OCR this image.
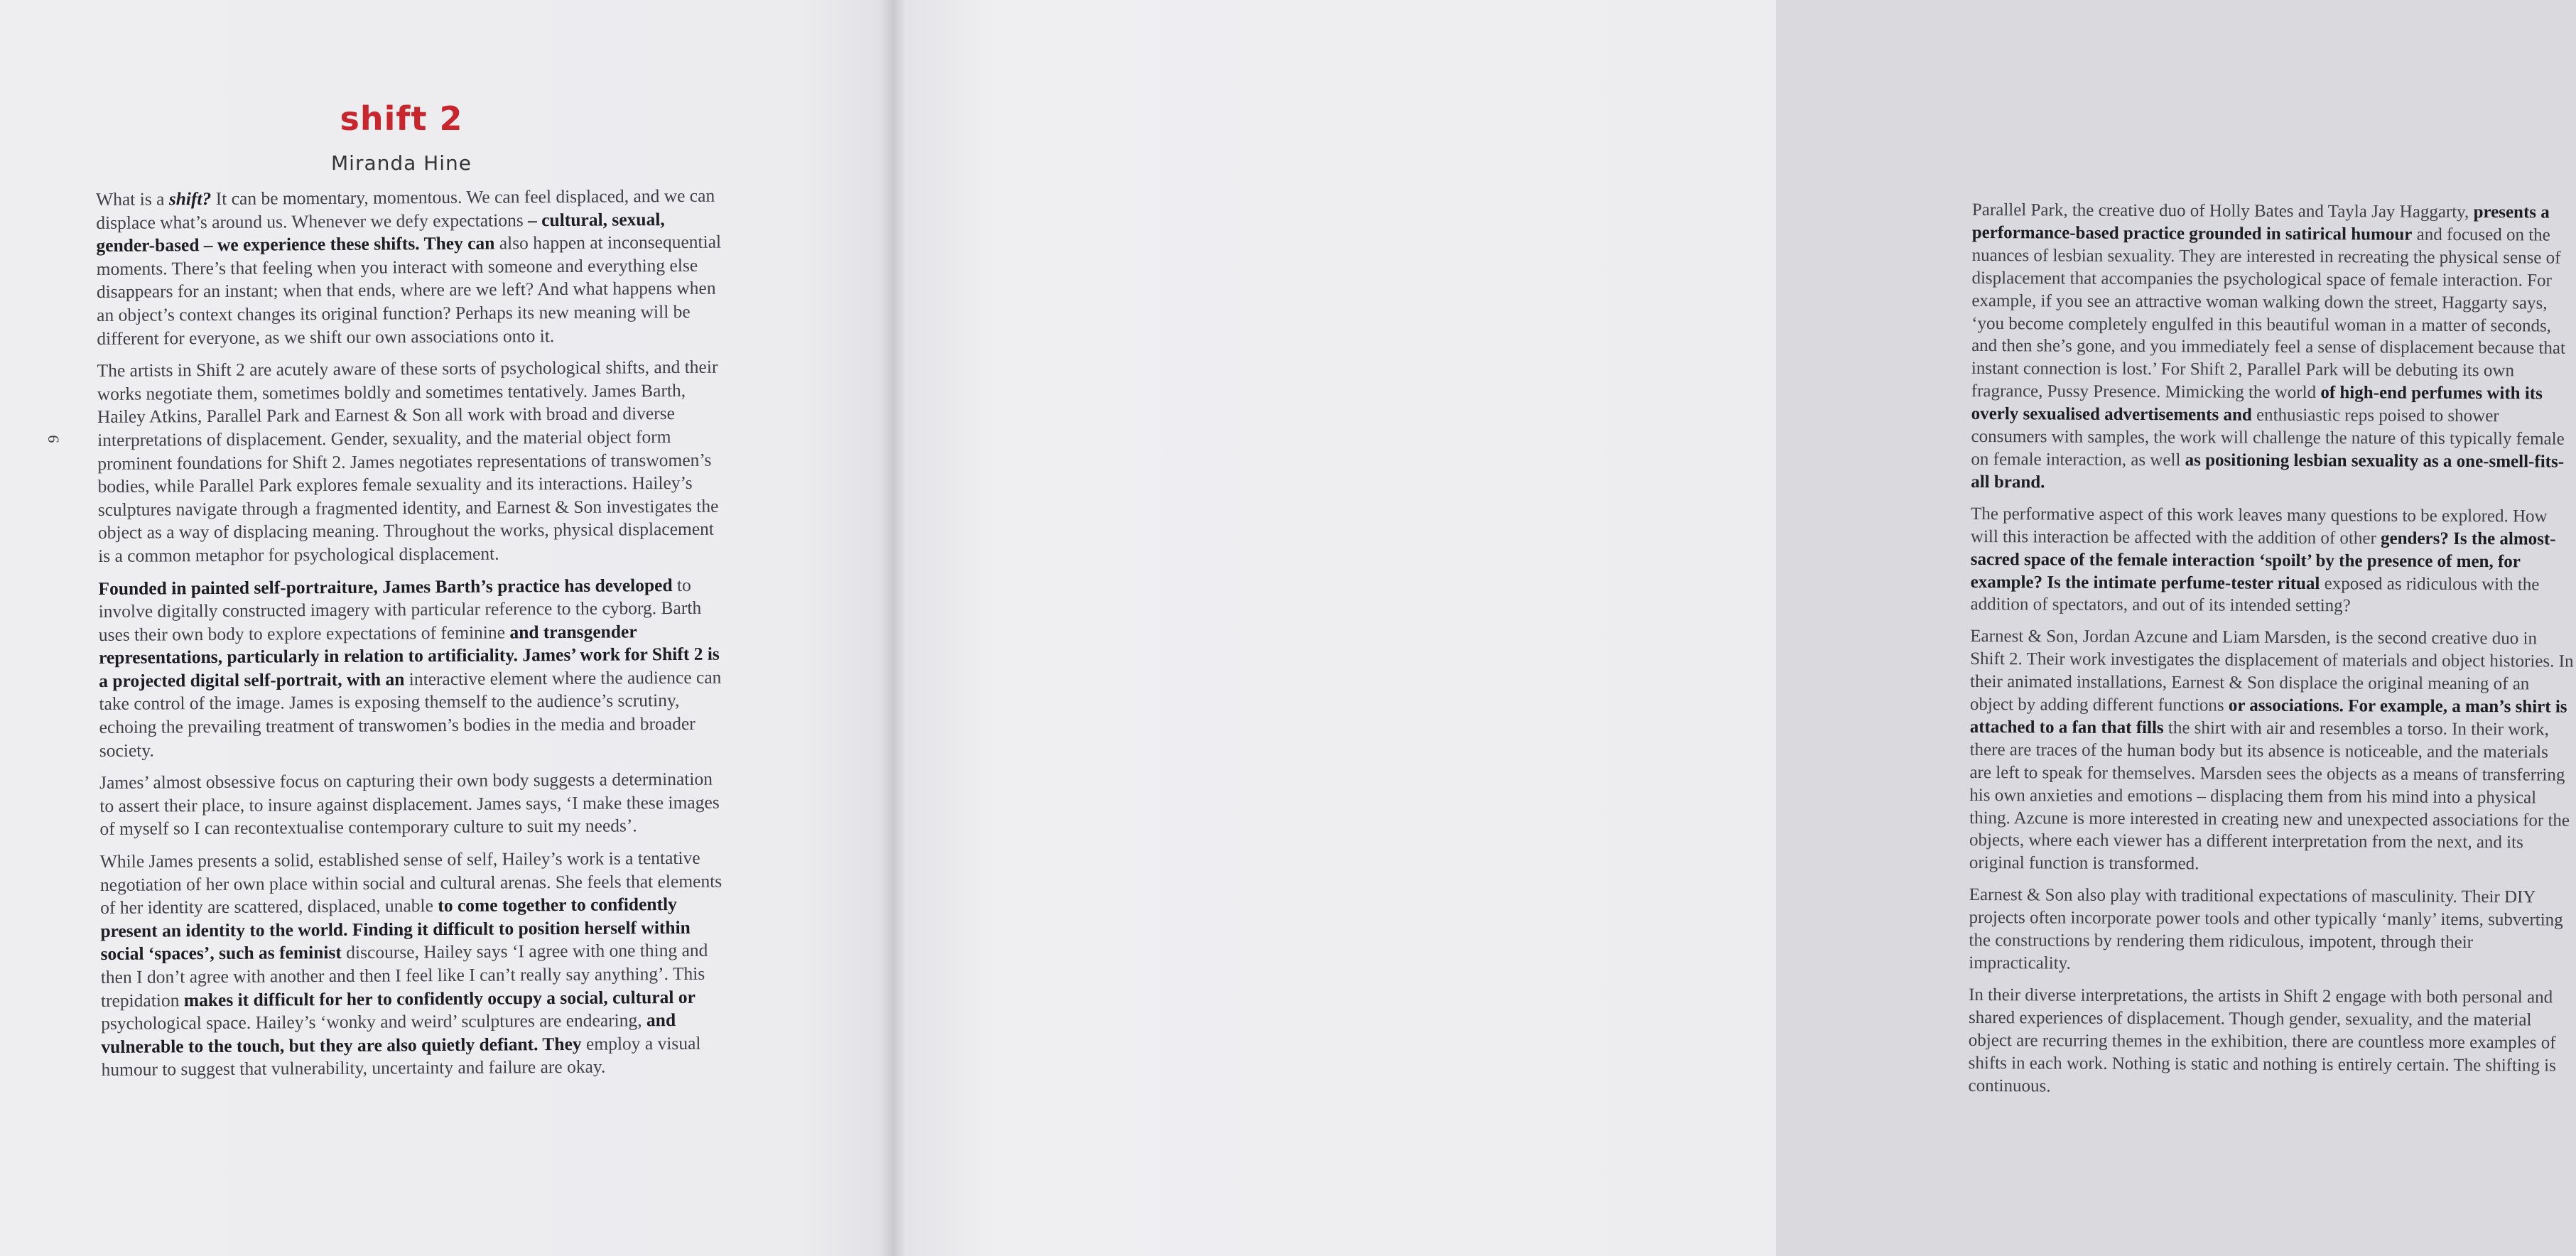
shift 2
Miranda Hine
9

What is a shift? It can be momentary, momentous. We can feel displaced, and we can displace what’s around us. Whenever we defy expectations – cultural, sexual, gender-based – we experience these shifts. They can also happen at inconsequential moments. There’s that feeling when you interact with someone and everything else disappears for an instant; when that ends, where are we left? And what happens when an object’s context changes its original function? Perhaps its new meaning will be different for everyone, as we shift our own associations onto it.

The artists in Shift 2 are acutely aware of these sorts of psychological shifts, and their works negotiate them, sometimes boldly and sometimes tentatively. James Barth, Hailey Atkins, Parallel Park and Earnest & Son all work with broad and diverse interpretations of displacement. Gender, sexuality, and the material object form prominent foundations for Shift 2. James negotiates representations of transwomen’s bodies, while Parallel Park explores female sexuality and its interactions. Hailey’s sculptures navigate through a fragmented identity, and Earnest & Son investigates the object as a way of displacing meaning. Throughout the works, physical displacement is a common metaphor for psychological displacement.

Founded in painted self-portraiture, James Barth’s practice has developed to involve digitally constructed imagery with particular reference to the cyborg. Barth uses their own body to explore expectations of feminine and transgender representations, particularly in relation to artificiality. James’ work for Shift 2 is a projected digital self-portrait, with an interactive element where the audience can take control of the image. James is exposing themself to the audience’s scrutiny, echoing the prevailing treatment of transwomen’s bodies in the media and broader society.

James’ almost obsessive focus on capturing their own body suggests a determination to assert their place, to insure against displacement. James says, ‘I make these images of myself so I can recontextualise contemporary culture to suit my needs’.

While James presents a solid, established sense of self, Hailey’s work is a tentative negotiation of her own place within social and cultural arenas. She feels that elements of her identity are scattered, displaced, unable to come together to confidently present an identity to the world. Finding it difficult to position herself within social ‘spaces’, such as feminist discourse, Hailey says ‘I agree with one thing and then I don’t agree with another and then I feel like I can’t really say anything’. This trepidation makes it difficult for her to confidently occupy a social, cultural or psychological space. Hailey’s ‘wonky and weird’ sculptures are endearing, and vulnerable to the touch, but they are also quietly defiant. They employ a visual humour to suggest that vulnerability, uncertainty and failure are okay.

Parallel Park, the creative duo of Holly Bates and Tayla Jay Haggarty, presents a performance-based practice grounded in satirical humour and focused on the nuances of lesbian sexuality. They are interested in recreating the physical sense of displacement that accompanies the psychological space of female interaction. For example, if you see an attractive woman walking down the street, Haggarty says, ‘you become completely engulfed in this beautiful woman in a matter of seconds, and then she’s gone, and you immediately feel a sense of displacement because that instant connection is lost.’ For Shift 2, Parallel Park will be debuting its own fragrance, Pussy Presence. Mimicking the world of high-end perfumes with its overly sexualised advertisements and enthusiastic reps poised to shower consumers with samples, the work will challenge the nature of this typically female on female interaction, as well as positioning lesbian sexuality as a one-smell-fits-all brand.

The performative aspect of this work leaves many questions to be explored. How will this interaction be affected with the addition of other genders? Is the almost-sacred space of the female interaction ‘spoilt’ by the presence of men, for example? Is the intimate perfume-tester ritual exposed as ridiculous with the addition of spectators, and out of its intended setting?

Earnest & Son, Jordan Azcune and Liam Marsden, is the second creative duo in Shift 2. Their work investigates the displacement of materials and object histories. In their animated installations, Earnest & Son displace the original meaning of an object by adding different functions or associations. For example, a man’s shirt is attached to a fan that fills the shirt with air and resembles a torso. In their work, there are traces of the human body but its absence is noticeable, and the materials are left to speak for themselves. Marsden sees the objects as a means of transferring his own anxieties and emotions – displacing them from his mind into a physical thing. Azcune is more interested in creating new and unexpected associations for the objects, where each viewer has a different interpretation from the next, and its original function is transformed.

Earnest & Son also play with traditional expectations of masculinity. Their DIY projects often incorporate power tools and other typically ‘manly’ items, subverting the constructions by rendering them ridiculous, impotent, through their impracticality.

In their diverse interpretations, the artists in Shift 2 engage with both personal and shared experiences of displacement. Though gender, sexuality, and the material object are recurring themes in the exhibition, there are countless more examples of shifts in each work. Nothing is static and nothing is entirely certain. The shifting is continuous.
